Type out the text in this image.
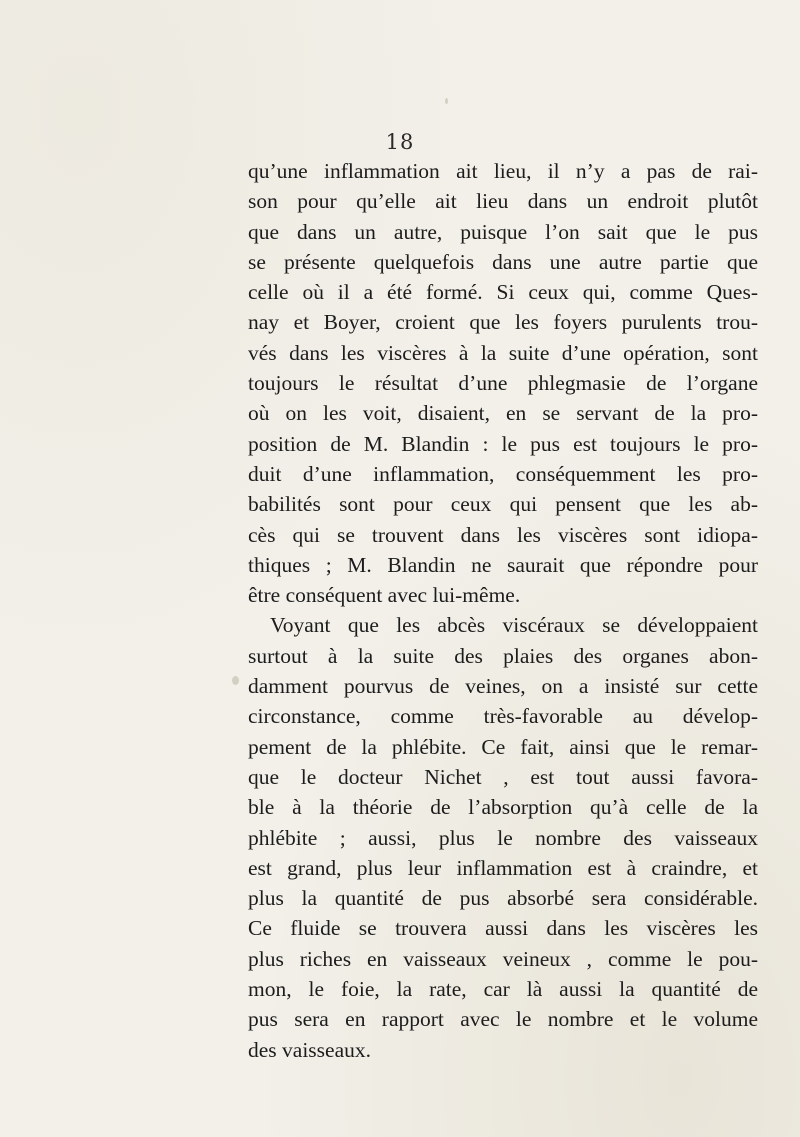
18
qu’une inflammation ait lieu, il n’y a pas de rai-
son pour qu’elle ait lieu dans un endroit plutôt
que dans un autre, puisque l’on sait que le pus
se présente quelquefois dans une autre partie que
celle où il a été formé. Si ceux qui, comme Ques-
nay et Boyer, croient que les foyers purulents trou-
vés dans les viscères à la suite d’une opération, sont
toujours le résultat d’une phlegmasie de l’organe
où on les voit, disaient, en se servant de la pro-
position de M. Blandin : le pus est toujours le pro-
duit d’une inflammation, conséquemment les pro-
babilités sont pour ceux qui pensent que les ab-
cès qui se trouvent dans les viscères sont idiopa-
thiques ; M. Blandin ne saurait que répondre pour
être conséquent avec lui-même.
Voyant que les abcès viscéraux se développaient
surtout à la suite des plaies des organes abon-
damment pourvus de veines, on a insisté sur cette
circonstance, comme très-favorable au dévelop-
pement de la phlébite. Ce fait, ainsi que le remar-
que le docteur Nichet , est tout aussi favora-
ble à la théorie de l’absorption qu’à celle de la
phlébite ; aussi, plus le nombre des vaisseaux
est grand, plus leur inflammation est à craindre, et
plus la quantité de pus absorbé sera considérable.
Ce fluide se trouvera aussi dans les viscères les
plus riches en vaisseaux veineux , comme le pou-
mon, le foie, la rate, car là aussi la quantité de
pus sera en rapport avec le nombre et le volume
des vaisseaux.
